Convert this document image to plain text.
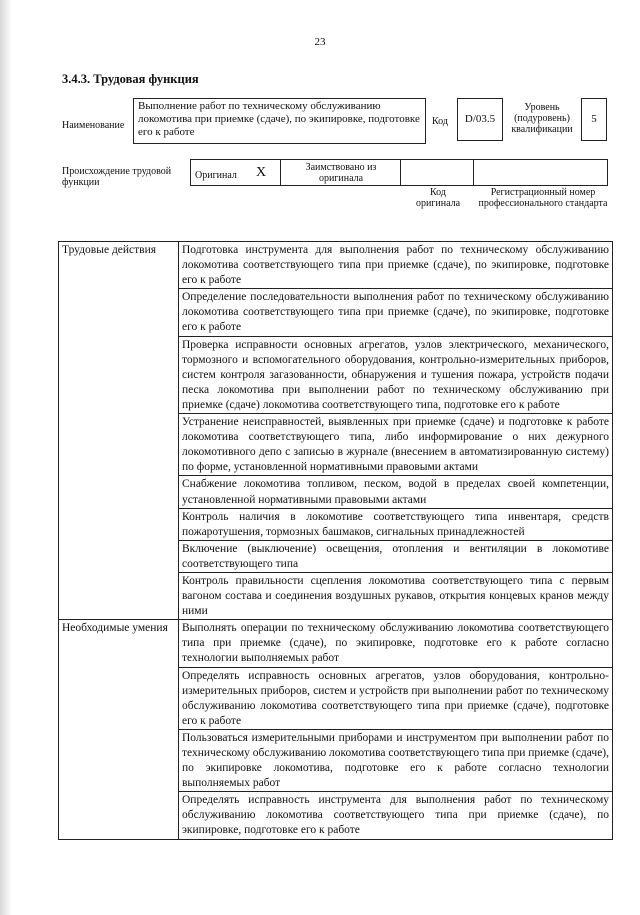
23
3.4.3. Трудовая функция
Наименование
Выполнение работ по техническому обслуживанию локомотива при приемке (сдаче), по экипировке, подготовке его к работе
Код	D/03.5
Уровень (подуровень) квалификации
5
Происхождение трудовой функции
Оригинал X	Заимствовано из оригинала
Код оригинала
Регистрационный номер профессионального стандарта
Трудовые действия	Подготовка инструмента для выполнения работ по техническому обслуживанию локомотива соответствующего типа при приемке (сдаче), по экипировке, подготовке его к работе
	Определение последовательности выполнения работ по техническому обслуживанию локомотива соответствующего типа при приемке (сдаче), по экипировке, подготовке его к работе
	Проверка исправности основных агрегатов, узлов электрического, механического, тормозного и вспомогательного оборудования, контрольно-измерительных приборов, систем контроля загазованности, обнаружения и тушения пожара, устройств подачи песка локомотива при выполнении работ по техническому обслуживанию при приемке (сдаче) локомотива соответствующего типа, подготовке его к работе
	Устранение неисправностей, выявленных при приемке (сдаче) и подготовке к работе локомотива соответствующего типа, либо информирование о них дежурного локомотивного депо с записью в журнале (внесением в автоматизированную систему) по форме, установленной нормативными правовыми актами
	Снабжение локомотива топливом, песком, водой в пределах своей компетенции, установленной нормативными правовыми актами
	Контроль наличия в локомотиве соответствующего типа инвентаря, средств пожаротушения, тормозных башмаков, сигнальных принадлежностей
	Включение (выключение) освещения, отопления и вентиляции в локомотиве соответствующего типа
	Контроль правильности сцепления локомотива соответствующего типа с первым вагоном состава и соединения воздушных рукавов, открытия концевых кранов между ними
Необходимые умения	Выполнять операции по техническому обслуживанию локомотива соответствующего типа при приемке (сдаче), по экипировке, подготовке его к работе согласно технологии выполняемых работ
	Определять исправность основных агрегатов, узлов оборудования, контрольно-измерительных приборов, систем и устройств при выполнении работ по техническому обслуживанию локомотива соответствующего типа при приемке (сдаче), подготовке его к работе
	Пользоваться измерительными приборами и инструментом при выполнении работ по техническому обслуживанию локомотива соответствующего типа при приемке (сдаче), по экипировке локомотива, подготовке его к работе согласно технологии выполняемых работ
	Определять исправность инструмента для выполнения работ по техническому обслуживанию локомотива соответствующего типа при приемке (сдаче), по экипировке, подготовке его к работе
